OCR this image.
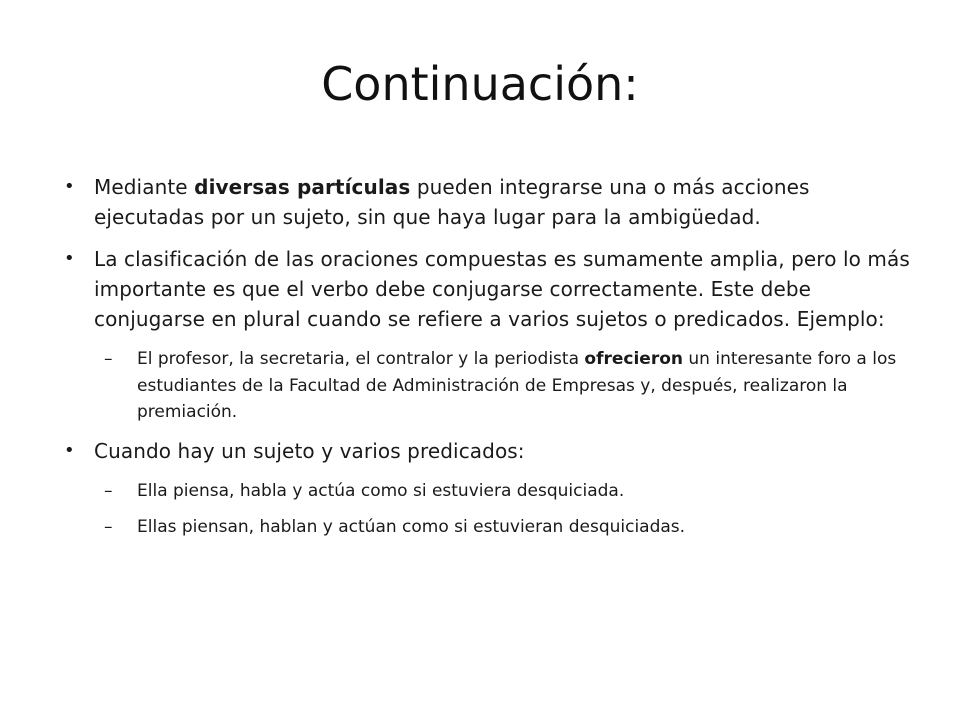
Continuación:
• Mediante diversas partículas pueden integrarse una o más acciones ejecutadas por un sujeto, sin que haya lugar para la ambigüedad.
• La clasificación de las oraciones compuestas es sumamente amplia, pero lo más importante es que el verbo debe conjugarse correctamente. Este debe conjugarse en plural cuando se refiere a varios sujetos o predicados. Ejemplo:
– El profesor, la secretaria, el contralor y la periodista ofrecieron un interesante foro a los estudiantes de la Facultad de Administración de Empresas y, después, realizaron la premiación.
• Cuando hay un sujeto y varios predicados:
– Ella piensa, habla y actúa como si estuviera desquiciada.
– Ellas piensan, hablan y actúan como si estuvieran desquiciadas.
